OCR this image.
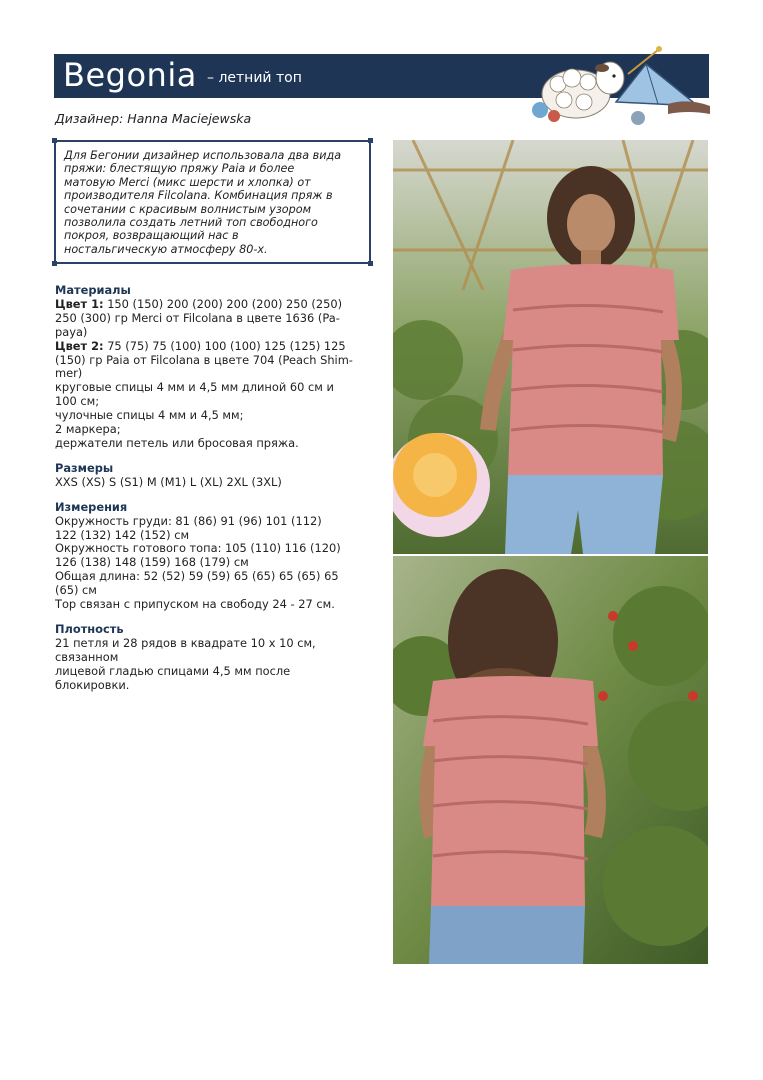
Begonia – летний топ
Дизайнер: Hanna Maciejewska
Для Бегонии дизайнер использовала два вида
пряжи: блестящую пряжу Paia и более
матовую Merci (микс шерсти и хлопка) от
производителя Filcolana. Комбинация пряж в
сочетании с красивым волнистым узором
позволила создать летний топ свободного
покроя, возвращающий нас в
ностальгическую атмосферу 80-х.
Материалы
Цвет 1: 150 (150) 200 (200) 200 (200) 250 (250)
250 (300) гр Merci от Filcolana в цвете 1636 (Pa-
paya)
Цвет 2: 75 (75) 75 (100) 100 (100) 125 (125) 125
(150) гр Paia от Filcolana в цвете 704 (Peach Shim-
mer)
круговые спицы 4 мм и 4,5 мм длиной 60 см и
100 см;
чулочные спицы 4 мм и 4,5 мм;
2 маркера;
держатели петель или бросовая пряжа.
Размеры
XXS (XS) S (S1) M (M1) L (XL) 2XL (3XL)
Измерения
Окружность груди: 81 (86) 91 (96) 101 (112)
122 (132) 142 (152) см
Окружность готового топа: 105 (110) 116 (120)
126 (138) 148 (159) 168 (179) см
Общая длина: 52 (52) 59 (59) 65 (65) 65 (65) 65
(65) см
Тор связан с припуском на свободу 24 - 27 см.
Плотность
21 петля и 28 рядов в квадрате 10 х 10 см, связанном
лицевой гладью спицами 4,5 мм после блокировки.
